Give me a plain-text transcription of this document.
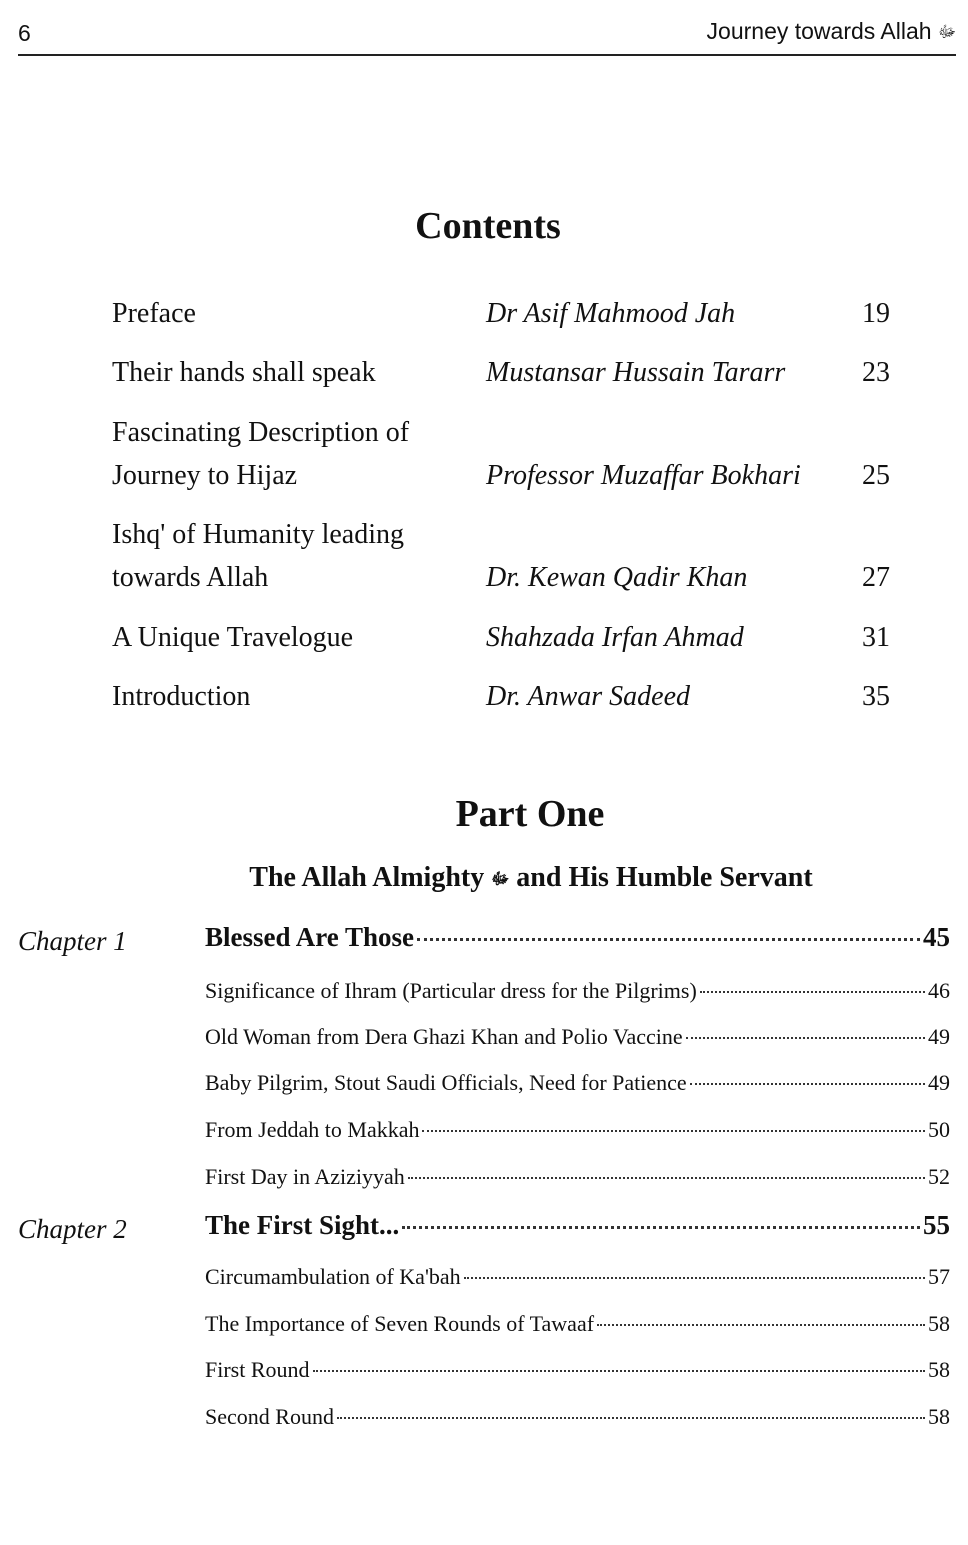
6	Journey towards Allah ﷻ
Contents
Preface	Dr Asif Mahmood Jah	19
Their hands shall speak	Mustansar Hussain Tararr	23
Fascinating Description of
Journey to Hijaz	Professor Muzaffar Bokhari	25
Ishq' of Humanity leading
towards Allah	Dr. Kewan Qadir Khan	27
A Unique Travelogue	Shahzada Irfan Ahmad	31
Introduction	Dr. Anwar Sadeed	35
Part One
The Allah Almighty ﷻ and His Humble Servant
Chapter 1	Blessed Are Those	45
Significance of Ihram (Particular dress for the Pilgrims)	46
Old Woman from Dera Ghazi Khan and Polio Vaccine	49
Baby Pilgrim, Stout Saudi Officials, Need for Patience	49
From Jeddah to Makkah	50
First Day in Aziziyyah	52
Chapter 2	The First Sight...	55
Circumambulation of Ka'bah	57
The Importance of Seven Rounds of Tawaaf	58
First Round	58
Second Round	58
